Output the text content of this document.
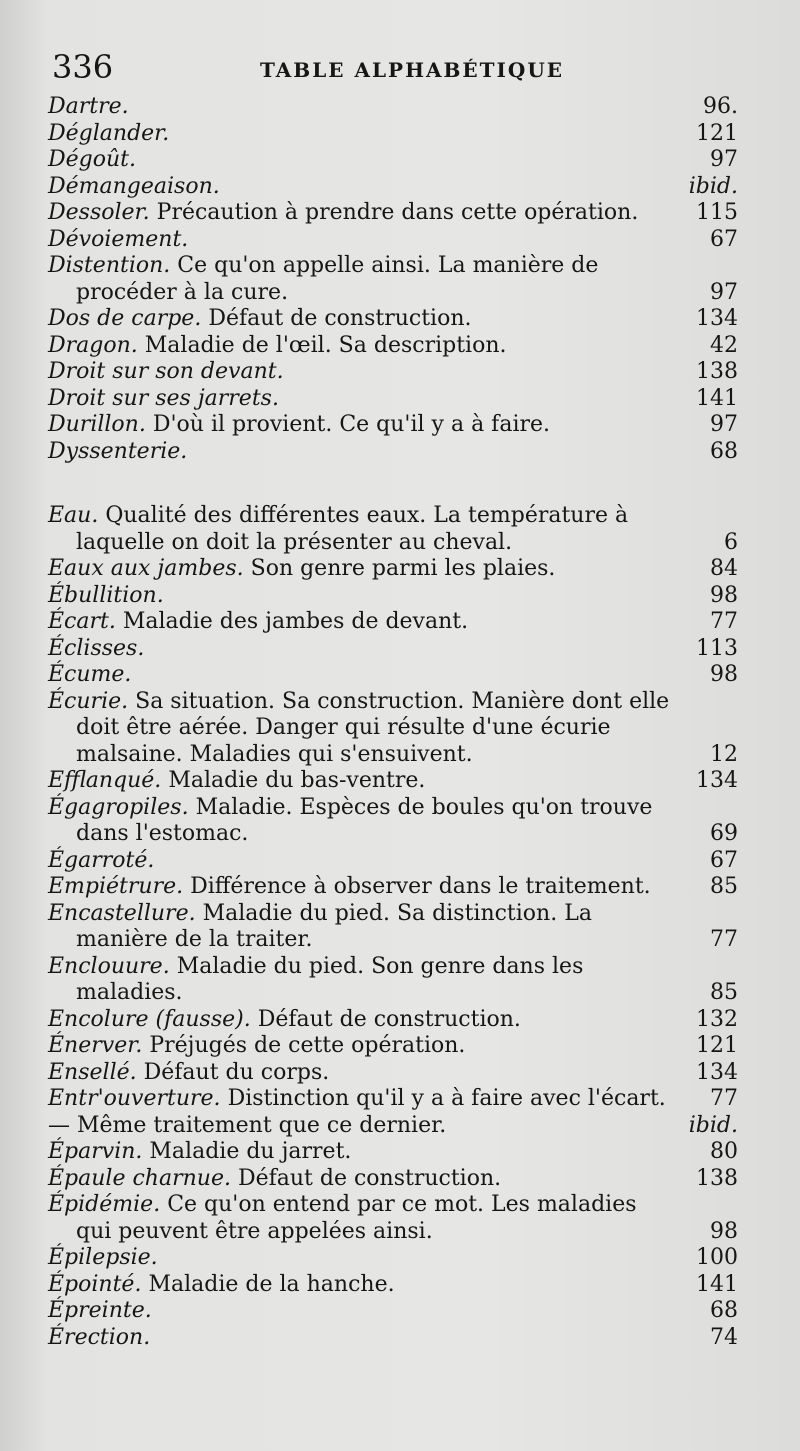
336	TABLE ALPHABÉTIQUE
Dartre.	96.
Déglander.	121
Dégoût.	97
Démangeaison.	ibid.
Dessoler. Précaution à prendre dans cette opération.	115
Dévoiement.	67
Distention. Ce qu'on appelle ainsi. La manière de procéder à la cure.	97
Dos de carpe. Défaut de construction.	134
Dragon. Maladie de l'œil. Sa description.	42
Droit sur son devant.	138
Droit sur ses jarrets.	141
Durillon. D'où il provient. Ce qu'il y a à faire.	97
Dyssenterie.	68
Eau. Qualité des différentes eaux. La température à laquelle on doit la présenter au cheval.	6
Eaux aux jambes. Son genre parmi les plaies.	84
Ébullition.	98
Écart. Maladie des jambes de devant.	77
Éclisses.	113
Écume.	98
Écurie. Sa situation. Sa construction. Manière dont elle doit être aérée. Danger qui résulte d'une écurie malsaine. Maladies qui s'ensuivent.	12
Efflanqué. Maladie du bas-ventre.	134
Égagropiles. Maladie. Espèces de boules qu'on trouve dans l'estomac.	69
Égarroté.	67
Empiétrure. Différence à observer dans le traitement.	85
Encastellure. Maladie du pied. Sa distinction. La manière de la traiter.	77
Enclouure. Maladie du pied. Son genre dans les maladies.	85
Encolure (fausse). Défaut de construction.	132
Énerver. Préjugés de cette opération.	121
Ensellé. Défaut du corps.	134
Entr'ouverture. Distinction qu'il y a à faire avec l'écart.	77
— Même traitement que ce dernier.	ibid.
Éparvin. Maladie du jarret.	80
Épaule charnue. Défaut de construction.	138
Épidémie. Ce qu'on entend par ce mot. Les maladies qui peuvent être appelées ainsi.	98
Épilepsie.	100
Épointé. Maladie de la hanche.	141
Épreinte.	68
Érection.	74
